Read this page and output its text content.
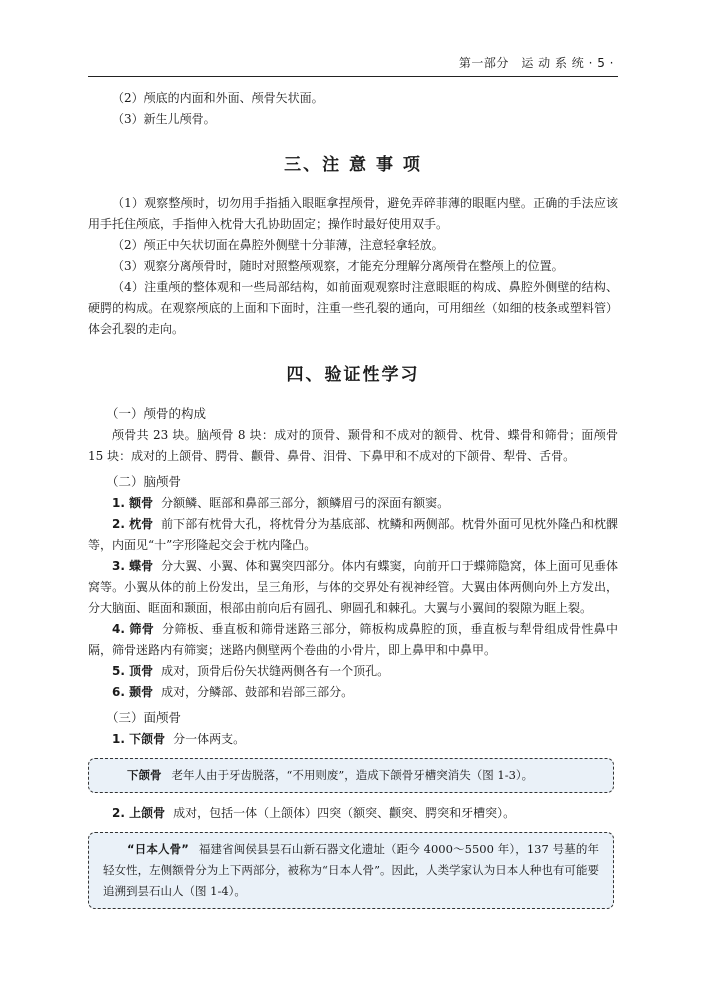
第一部分　运 动 系 统 · 5 ·

（2）颅底的内面和外面、颅骨矢状面。

（3）新生儿颅骨。

三、注 意 事 项

（1）观察整颅时，切勿用手指插入眼眶拿捏颅骨，避免弄碎菲薄的眼眶内壁。正确的手法应该用手托住颅底，手指伸入枕骨大孔协助固定；操作时最好使用双手。

（2）颅正中矢状切面在鼻腔外侧壁十分菲薄，注意轻拿轻放。

（3）观察分离颅骨时，随时对照整颅观察，才能充分理解分离颅骨在整颅上的位置。

（4）注重颅的整体观和一些局部结构，如前面观观察时注意眼眶的构成、鼻腔外侧壁的结构、硬腭的构成。在观察颅底的上面和下面时，注重一些孔裂的通向，可用细丝（如细的枝条或塑料管）体会孔裂的走向。

四、验证性学习
（一）颅骨的构成

颅骨共 23 块。脑颅骨 8 块：成对的顶骨、颞骨和不成对的额骨、枕骨、蝶骨和筛骨；面颅骨 15 块：成对的上颌骨、腭骨、颧骨、鼻骨、泪骨、下鼻甲和不成对的下颌骨、犁骨、舌骨。

（二）脑颅骨

1. 额骨 分额鳞、眶部和鼻部三部分，额鳞眉弓的深面有额窦。

2. 枕骨 前下部有枕骨大孔，将枕骨分为基底部、枕鳞和两侧部。枕骨外面可见枕外隆凸和枕髁等，内面见“十”字形隆起交会于枕内隆凸。

3. 蝶骨 分大翼、小翼、体和翼突四部分。体内有蝶窦，向前开口于蝶筛隐窝，体上面可见垂体窝等。小翼从体的前上份发出，呈三角形，与体的交界处有视神经管。大翼由体两侧向外上方发出，分大脑面、眶面和颞面，根部由前向后有圆孔、卵圆孔和棘孔。大翼与小翼间的裂隙为眶上裂。

4. 筛骨 分筛板、垂直板和筛骨迷路三部分，筛板构成鼻腔的顶，垂直板与犁骨组成骨性鼻中隔，筛骨迷路内有筛窦；迷路内侧壁两个卷曲的小骨片，即上鼻甲和中鼻甲。

5. 顶骨 成对，顶骨后份矢状缝两侧各有一个顶孔。

6. 颞骨 成对，分鳞部、鼓部和岩部三部分。

（三）面颅骨

1. 下颌骨 分一体两支。

下颌骨 老年人由于牙齿脱落，“不用则废”，造成下颌骨牙槽突消失（图 1-3）。

2. 上颌骨 成对，包括一体（上颌体）四突（额突、颧突、腭突和牙槽突）。

“日本人骨” 福建省闽侯县昙石山新石器文化遗址（距今 4000～5500 年），137 号墓的年轻女性，左侧额骨分为上下两部分，被称为“日本人骨”。因此，人类学家认为日本人种也有可能要追溯到昙石山人（图 1-4）。
